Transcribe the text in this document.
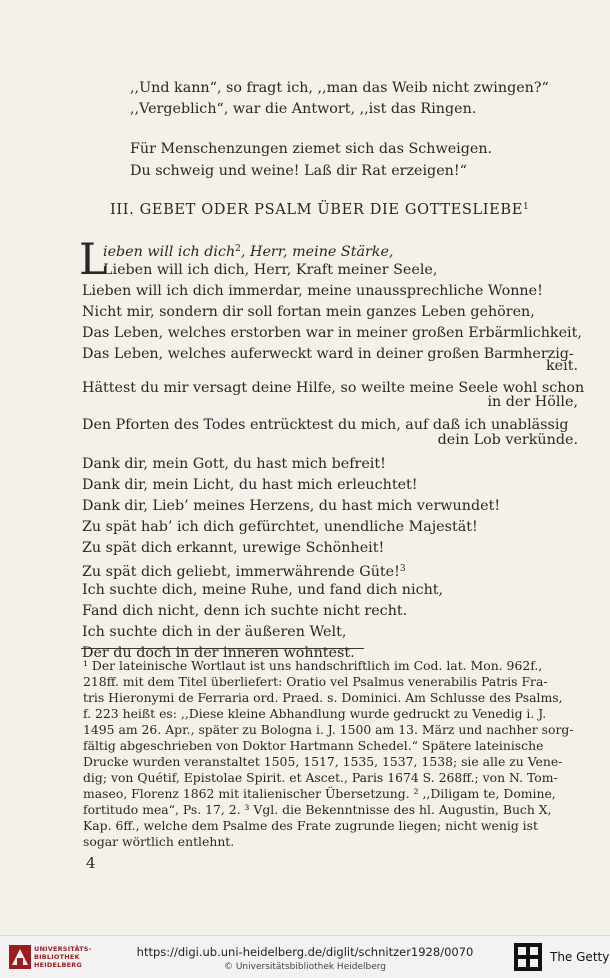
,,Und kann“, so fragt ich, ,,man das Weib nicht zwingen?“
,,Vergeblich“, war die Antwort, ,,ist das Ringen.
Für Menschenzungen ziemet sich das Schweigen.
Du schweig und weine! Laß dir Rat erzeigen!“
III. GEBET ODER PSALM ÜBER DIE GOTTESLIEBE$^1$
L
ieben will ich dich$^2$, Herr, meine Stärke,
Lieben will ich dich, Herr, Kraft meiner Seele,
Lieben will ich dich immerdar, meine unaussprechliche Wonne!
Nicht mir, sondern dir soll fortan mein ganzes Leben gehören,
Das Leben, welches erstorben war in meiner großen Erbärmlichkeit,
Das Leben, welches auferweckt ward in deiner großen Barmherzig-
keit.
Hättest du mir versagt deine Hilfe, so weilte meine Seele wohl schon
in der Hölle,
Den Pforten des Todes entrücktest du mich, auf daß ich unablässig
dein Lob verkünde.
Dank dir, mein Gott, du hast mich befreit!
Dank dir, mein Licht, du hast mich erleuchtet!
Dank dir, Lieb’ meines Herzens, du hast mich verwundet!
Zu spät hab’ ich dich gefürchtet, unendliche Majestät!
Zu spät dich erkannt, urewige Schönheit!
Zu spät dich geliebt, immerwährende Güte!$^3$
Ich suchte dich, meine Ruhe, und fand dich nicht,
Fand dich nicht, denn ich suchte nicht recht.
Ich suchte dich in der äußeren Welt,
Der du doch in der inneren wohntest.
¹ Der lateinische Wortlaut ist uns handschriftlich im Cod. lat. Mon. 962f.,
218ff. mit dem Titel überliefert: Oratio vel Psalmus venerabilis Patris Fra-
tris Hieronymi de Ferraria ord. Praed. s. Dominici. Am Schlusse des Psalms,
f. 223 heißt es: ,,Diese kleine Abhandlung wurde gedruckt zu Venedig i. J.
1495 am 26. Apr., später zu Bologna i. J. 1500 am 13. März und nachher sorg-
fältig abgeschrieben von Doktor Hartmann Schedel.“ Spätere lateinische
Drucke wurden veranstaltet 1505, 1517, 1535, 1537, 1538; sie alle zu Vene-
dig; von Quétif, Epistolae Spirit. et Ascet., Paris 1674 S. 268ff.; von N. Tom-
maseo, Florenz 1862 mit italienischer Übersetzung. ² ,,Diligam te, Domine,
fortitudo mea“, Ps. 17, 2. ³ Vgl. die Bekenntnisse des hl. Augustin, Buch X,
Kap. 6ff., welche dem Psalme des Frate zugrunde liegen; nicht wenig ist
sogar wörtlich entlehnt.
4
UNIVERSITÄTS-
BIBLIOTHEK
HEIDELBERG
https://digi.ub.uni-heidelberg.de/diglit/schnitzer1928/0070
© Universitätsbibliothek Heidelberg
The Getty
